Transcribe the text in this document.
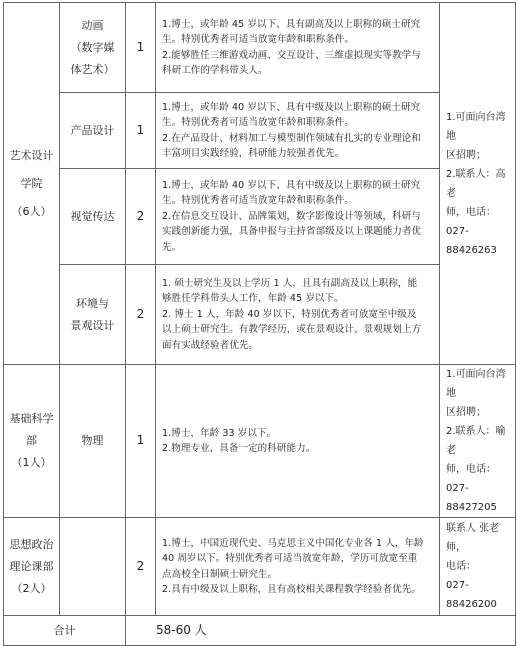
艺术设计
学院
（6人）	动画
（数字媒
体艺术）	1	1.博士，或年龄 45 岁以下、具有副高及以上职称的硕士研究
生。特别优秀者可适当放宽年龄和职称条件。
2.能够胜任三维游戏动画、交互设计、三维虚拟现实等教学与
科研工作的学科带头人。	1.可面向台湾地
区招聘；
2.联系人：高老
师，电话：
027-88426263

	产品设计	1	1.博士，或年龄 40 岁以下、具有中级及以上职称的硕士研究
生。特别优秀者可适当放宽年龄和职称条件。
2.在产品设计、材料加工与模型制作领域有扎实的专业理论和
丰富项目实践经验，科研能力较强者优先。	

	视觉传达	2	1.博士，或年龄 40 岁以下、具有中级及以上职称的硕士研究
生。特别优秀者可适当放宽年龄和职称条件。
2.在信息交互设计、品牌策划，数字影像设计等领域，科研与
实践创新能力强，具备申报与主持省部级及以上课题能力者优先。	

	环境与
景观设计	2	1. 硕士研究生及以上学历 1 人，且具有副高及以上职称，能
够胜任学科带头人工作，年龄 45 岁以下。
2. 博士 1 人，年龄 40 岁以下，特别优秀者可放宽至中级及
以上硕士研究生。有教学经历，或在景观设计、景观规划上方
面有实战经验者优先。	

基础科学
部
（1人）	物理	1	1.博士，年龄 33 岁以下。
2.物理专业，具备一定的科研能力。	1.可面向台湾地
区招聘；
2.联系人：喻老
师，电话：
027-88427205

思想政治
理论课部
（2人）		2	1.博士，中国近现代史、马克思主义中国化专业各 1 人，年龄
40 周岁以下。特别优秀者可适当放宽年龄，学历可放宽至重
点高校全日制硕士研究生。
2.具有中级及以上职称，且有高校相关课程教学经验者优先。	联系人 张老师，
电话：
027-88426200

合计		58-60 人		
